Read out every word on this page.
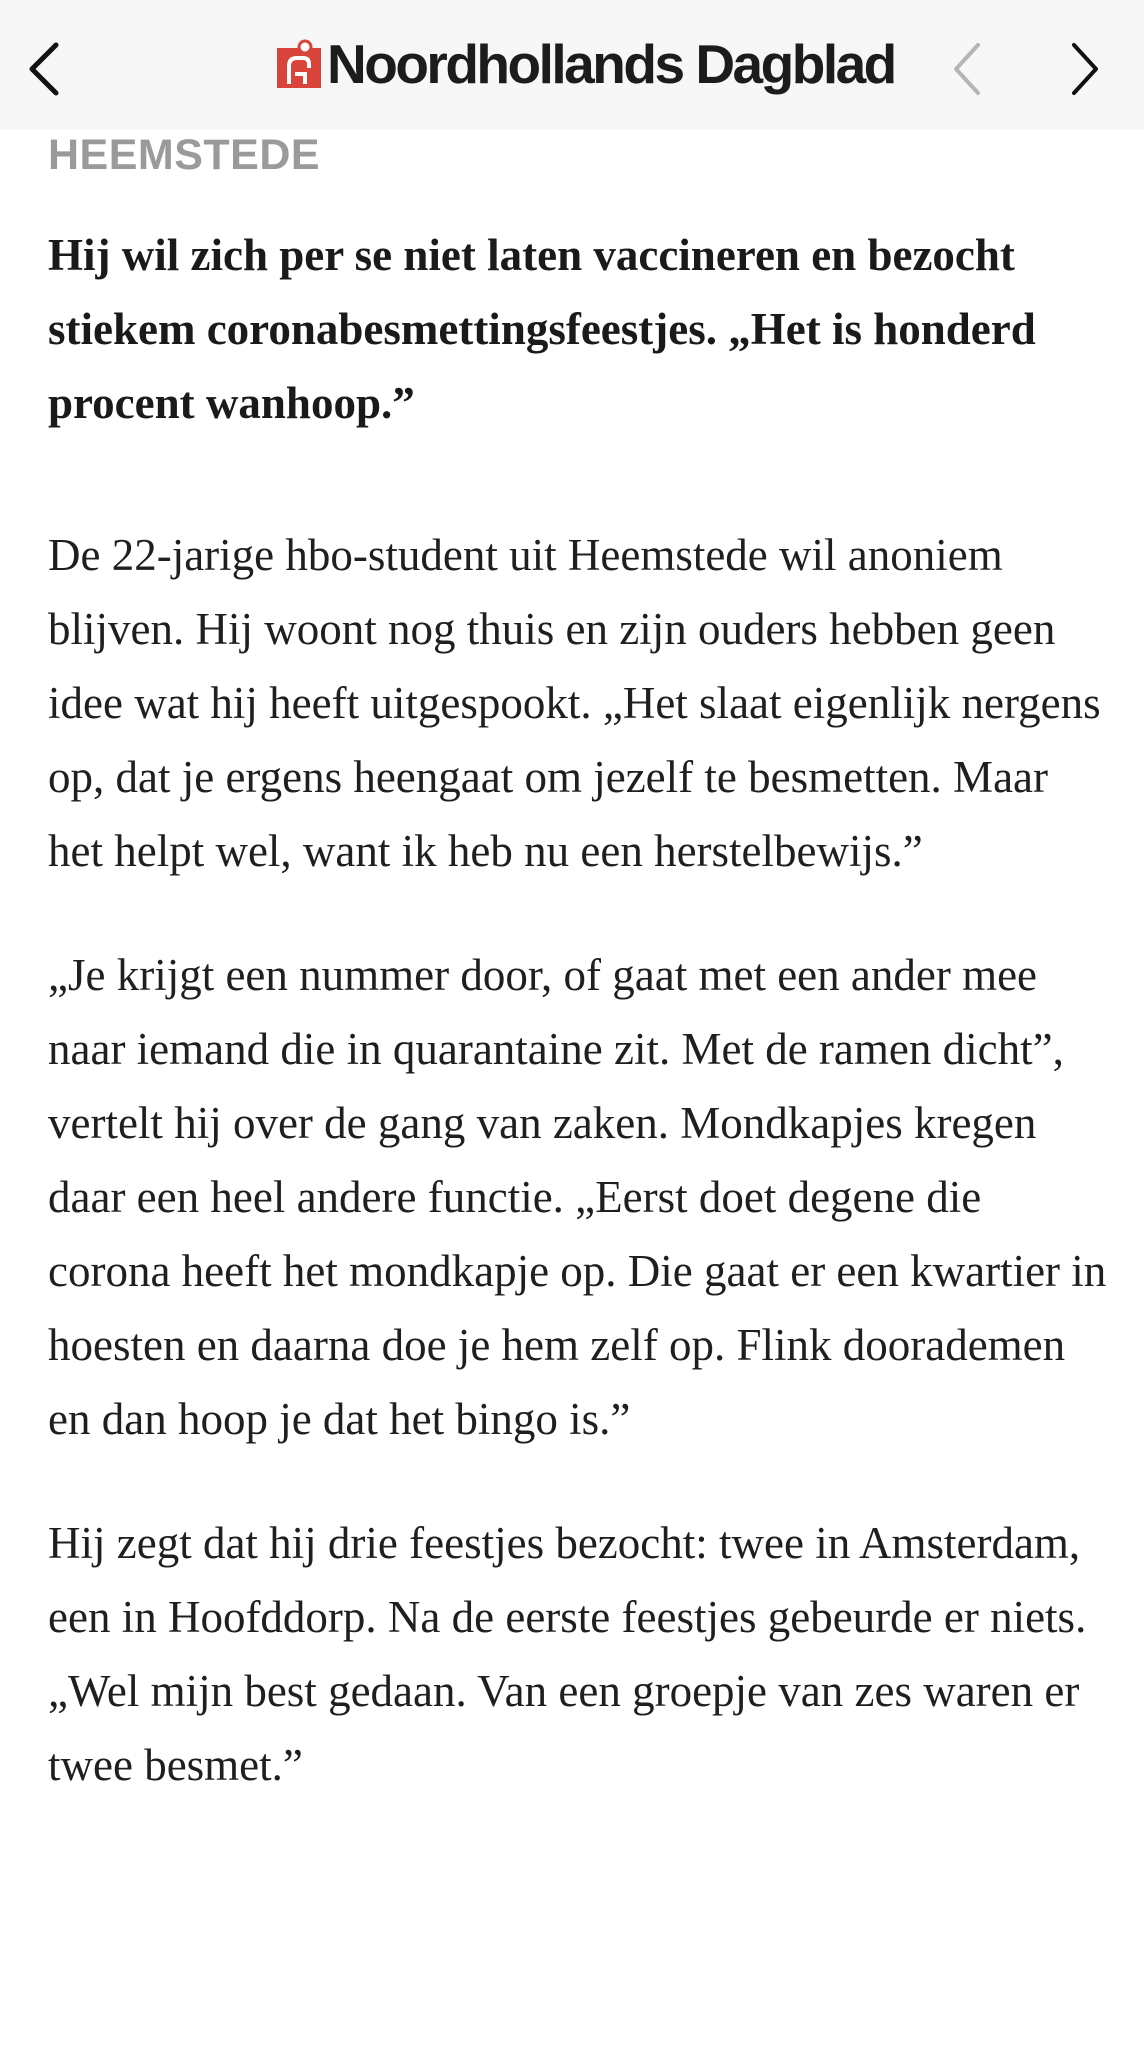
Noordhollands Dagblad

HEEMSTEDE

Hij wil zich per se niet laten vaccineren en bezocht stiekem coronabesmettingsfeestjes. „Het is honderd procent wanhoop.”

De 22-jarige hbo-student uit Heemstede wil anoniem blijven. Hij woont nog thuis en zijn ouders hebben geen idee wat hij heeft uitgespookt. „Het slaat eigenlijk nergens op, dat je ergens heengaat om jezelf te besmetten. Maar het helpt wel, want ik heb nu een herstelbewijs.”

„Je krijgt een nummer door, of gaat met een ander mee naar iemand die in quarantaine zit. Met de ramen dicht”, vertelt hij over de gang van zaken. Mondkapjes kregen daar een heel andere functie. „Eerst doet degene die corona heeft het mondkapje op. Die gaat er een kwartier in hoesten en daarna doe je hem zelf op. Flink doorademen en dan hoop je dat het bingo is.”

Hij zegt dat hij drie feestjes bezocht: twee in Amsterdam, een in Hoofddorp. Na de eerste feestjes gebeurde er niets. „Wel mijn best gedaan. Van een groepje van zes waren er twee besmet.”
